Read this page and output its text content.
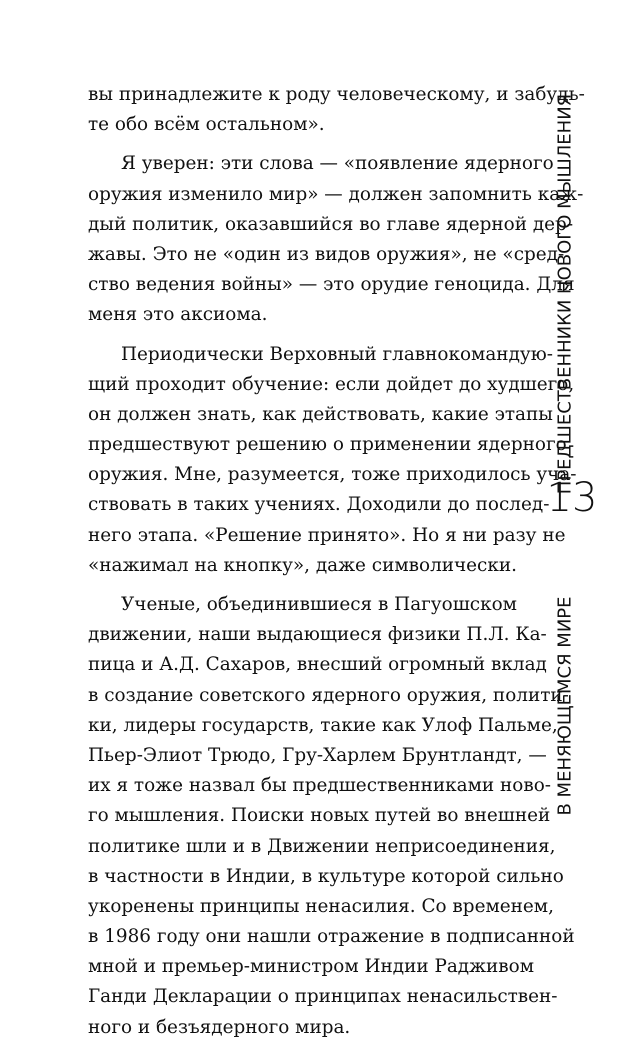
вы принадлежите к роду человеческому, и забудь-
те обо всём остальном».
Я уверен: эти слова — «появление ядерного
оружия изменило мир» — должен запомнить каж-
дый политик, оказавшийся во главе ядерной дер-
жавы. Это не «один из видов оружия», не «сред-
ство ведения войны» — это орудие геноцида. Для
меня это аксиома.
Периодически Верховный главнокомандую-
щий проходит обучение: если дойдет до худшего,
он должен знать, как действовать, какие этапы
предшествуют решению о применении ядерного
оружия. Мне, разумеется, тоже приходилось уча-
ствовать в таких учениях. Доходили до послед-
него этапа. «Решение принято». Но я ни разу не
«нажимал на кнопку», даже символически.
Ученые, объединившиеся в Пагуошском
движении, наши выдающиеся физики П.Л. Ка-
пица и А.Д. Сахаров, внесший огромный вклад
в создание советского ядерного оружия, полити-
ки, лидеры государств, такие как Улоф Пальме,
Пьер-Элиот Трюдо, Гру-Харлем Брунтландт, —
их я тоже назвал бы предшественниками ново-
го мышления. Поиски новых путей во внешней
политике шли и в Движении неприсоединения,
в частности в Индии, в культуре которой сильно
укоренены принципы ненасилия. Со временем,
в 1986 году они нашли отражение в подписанной
мной и премьер-министром Индии Радживом
Ганди Декларации о принципах ненасильствен-
ного и безъядерного мира.
ПРЕДШЕСТВЕННИКИ НОВОГО МЫШЛЕНИЯ
13
В МЕНЯЮЩЕМСЯ МИРЕ
